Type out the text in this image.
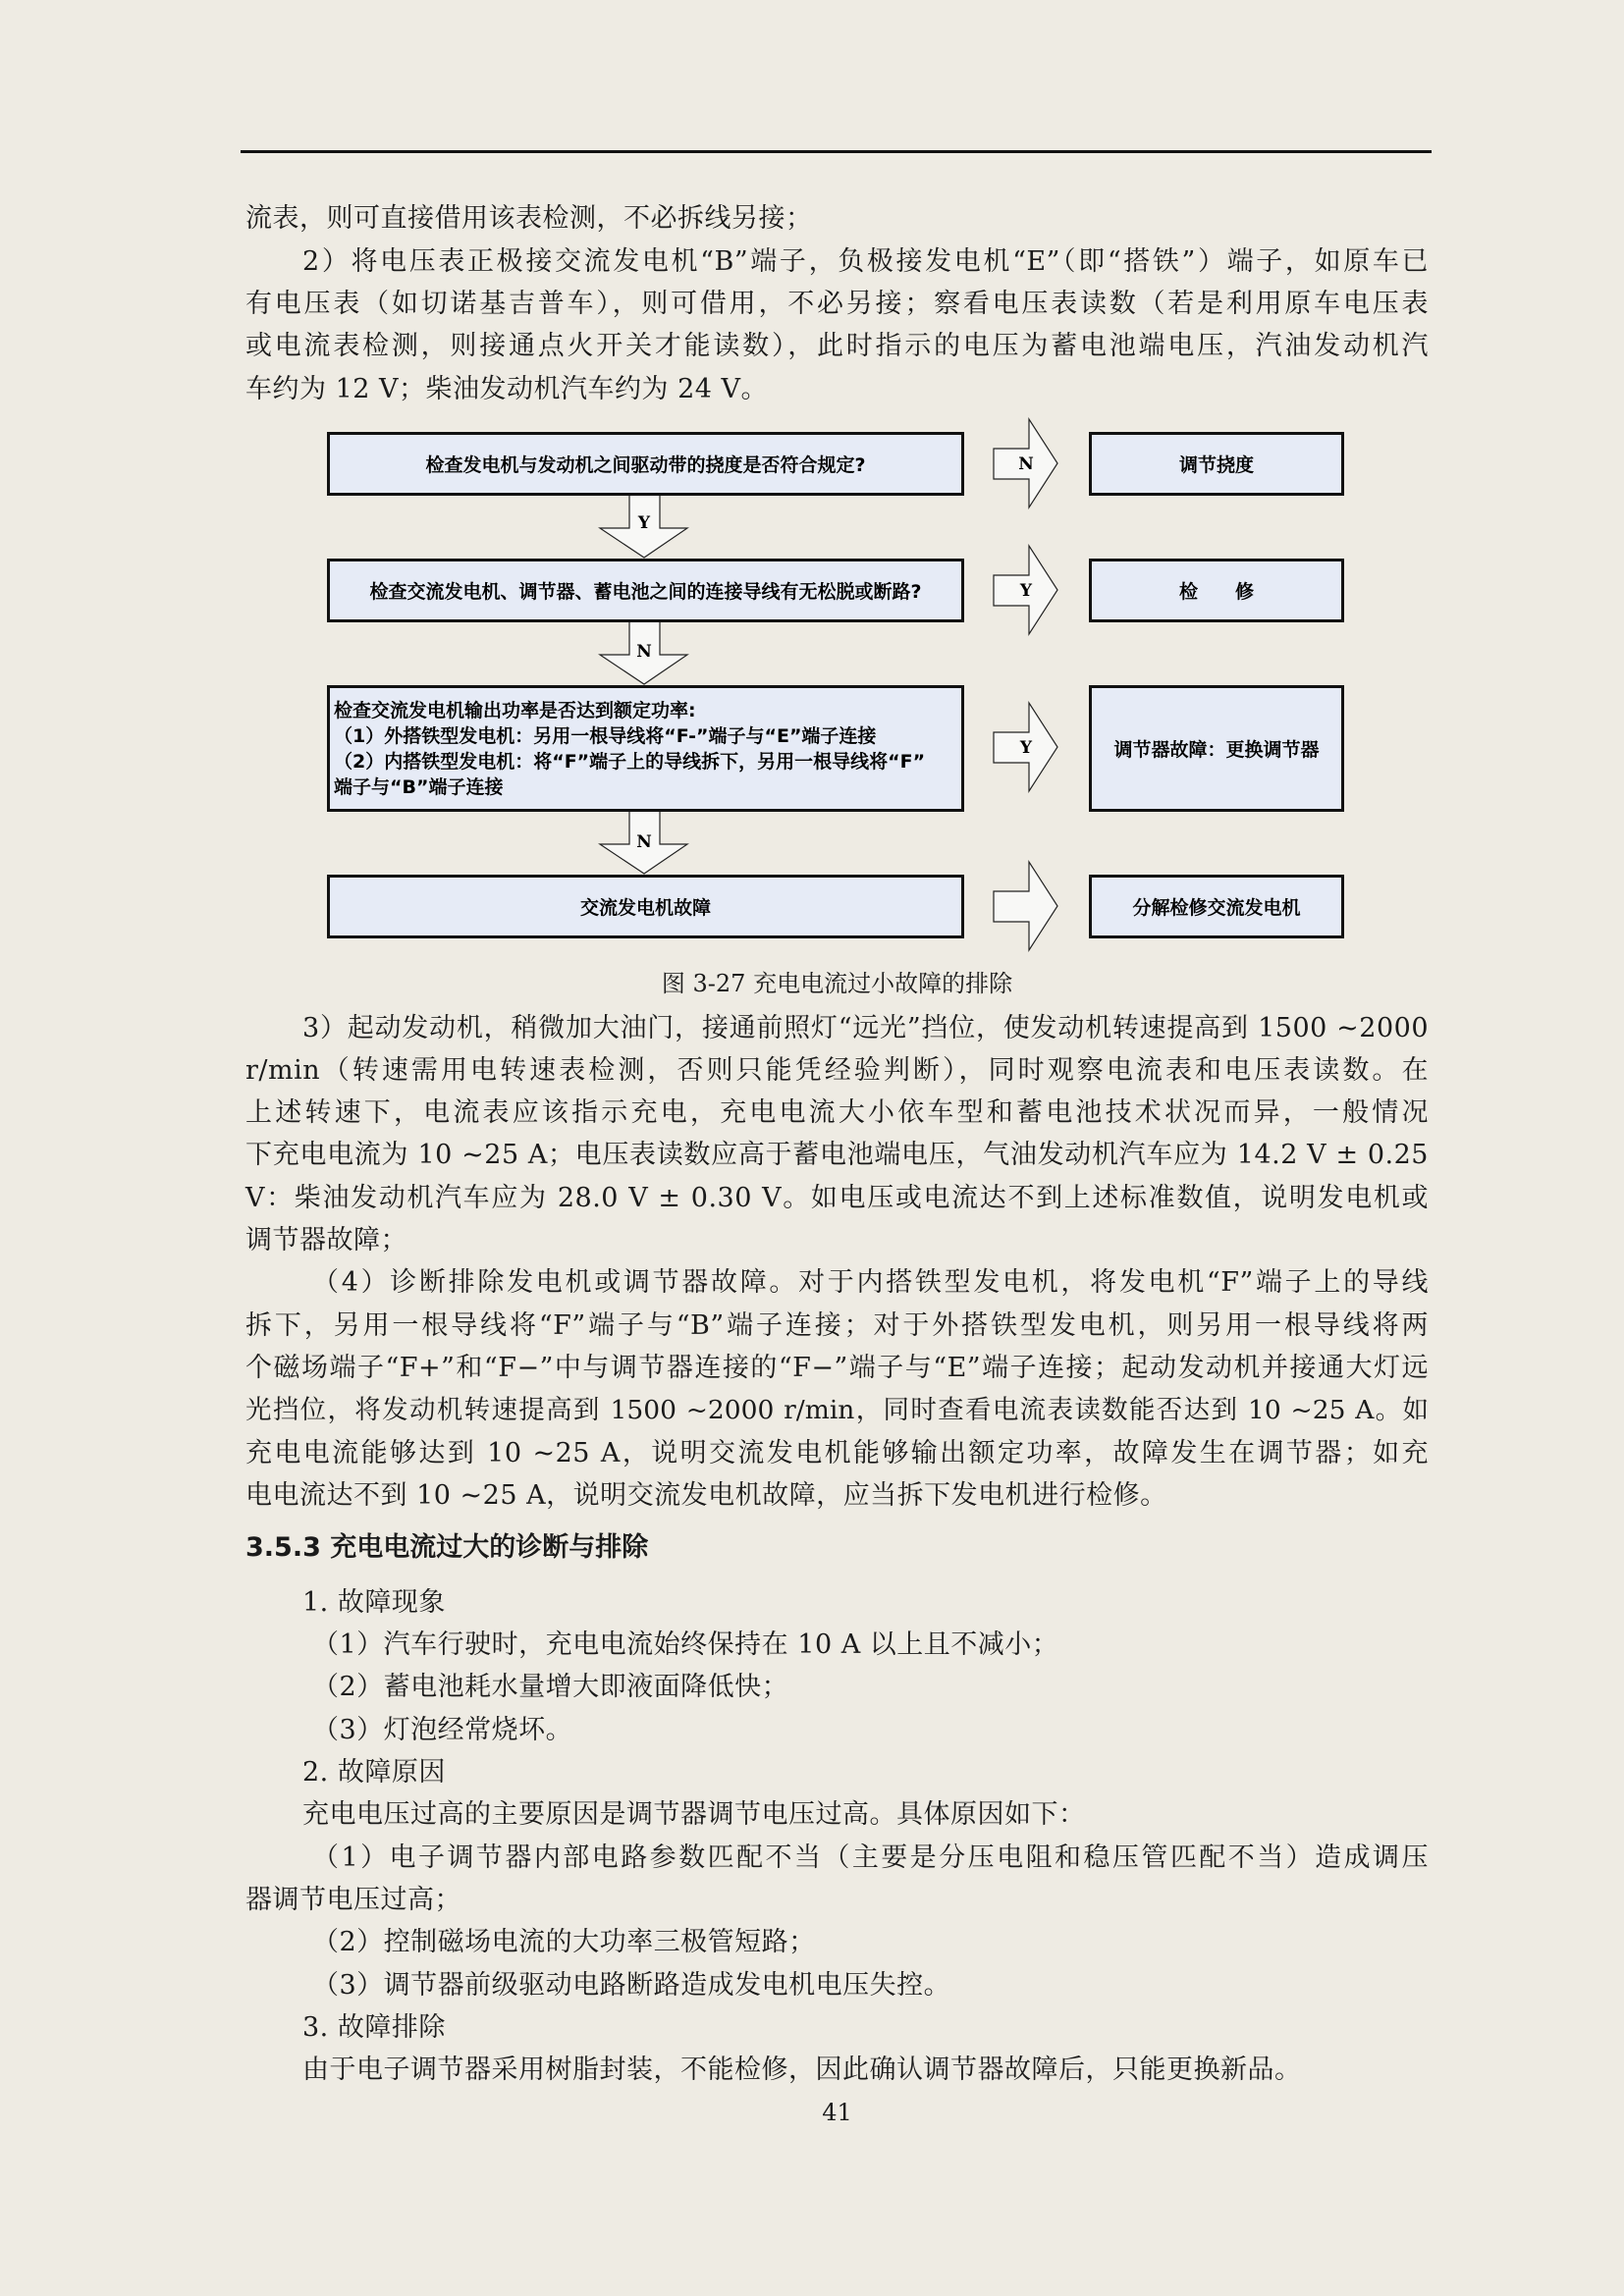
流表，则可直接借用该表检测，不必拆线另接；
2）将电压表正极接交流发电机“B”端子，负极接发电机“E”（即“搭铁”）端子，如原车已
有电压表（如切诺基吉普车），则可借用，不必另接；察看电压表读数（若是利用原车电压表
或电流表检测，则接通点火开关才能读数），此时指示的电压为蓄电池端电压，汽油发动机汽
车约为 12 V；柴油发动机汽车约为 24 V。
Y
N
N
N
Y
Y
检查发电机与发动机之间驱动带的挠度是否符合规定?
检查交流发电机、调节器、蓄电池之间的连接导线有无松脱或断路?
检查交流发电机输出功率是否达到额定功率:
（1）外搭铁型发电机：另用一根导线将“F-”端子与“E”端子连接
（2）内搭铁型发电机：将“F”端子上的导线拆下，另用一根导线将“F”
端子与“B”端子连接
交流发电机故障
调节挠度
检　　修
调节器故障：更换调节器
分解检修交流发电机
图 3-27 充电电流过小故障的排除
3）起动发动机，稍微加大油门，接通前照灯“远光”挡位，使发动机转速提高到 1500 ~2000
r/min（转速需用电转速表检测，否则只能凭经验判断），同时观察电流表和电压表读数。在
上述转速下，电流表应该指示充电，充电电流大小依车型和蓄电池技术状况而异，一般情况
下充电电流为 10 ~25 A；电压表读数应高于蓄电池端电压，气油发动机汽车应为 14.2 V ± 0.25
V：柴油发动机汽车应为 28.0 V ± 0.30 V。如电压或电流达不到上述标准数值，说明发电机或
调节器故障；
（4）诊断排除发电机或调节器故障。对于内搭铁型发电机，将发电机“F”端子上的导线
拆下，另用一根导线将“F”端子与“B”端子连接；对于外搭铁型发电机，则另用一根导线将两
个磁场端子“F+”和“F−”中与调节器连接的“F−”端子与“E”端子连接；起动发动机并接通大灯远
光挡位，将发动机转速提高到 1500 ~2000 r/min，同时查看电流表读数能否达到 10 ~25 A。如
充电电流能够达到 10 ~25 A，说明交流发电机能够输出额定功率，故障发生在调节器；如充
电电流达不到 10 ~25 A，说明交流发电机故障，应当拆下发电机进行检修。
3.5.3 充电电流过大的诊断与排除
1. 故障现象
（1）汽车行驶时，充电电流始终保持在 10 A 以上且不减小；
（2）蓄电池耗水量增大即液面降低快；
（3）灯泡经常烧坏。
2. 故障原因
充电电压过高的主要原因是调节器调节电压过高。具体原因如下：
（1）电子调节器内部电路参数匹配不当（主要是分压电阻和稳压管匹配不当）造成调压
器调节电压过高；
（2）控制磁场电流的大功率三极管短路；
（3）调节器前级驱动电路断路造成发电机电压失控。
3. 故障排除
由于电子调节器采用树脂封装，不能检修，因此确认调节器故障后，只能更换新品。
41
